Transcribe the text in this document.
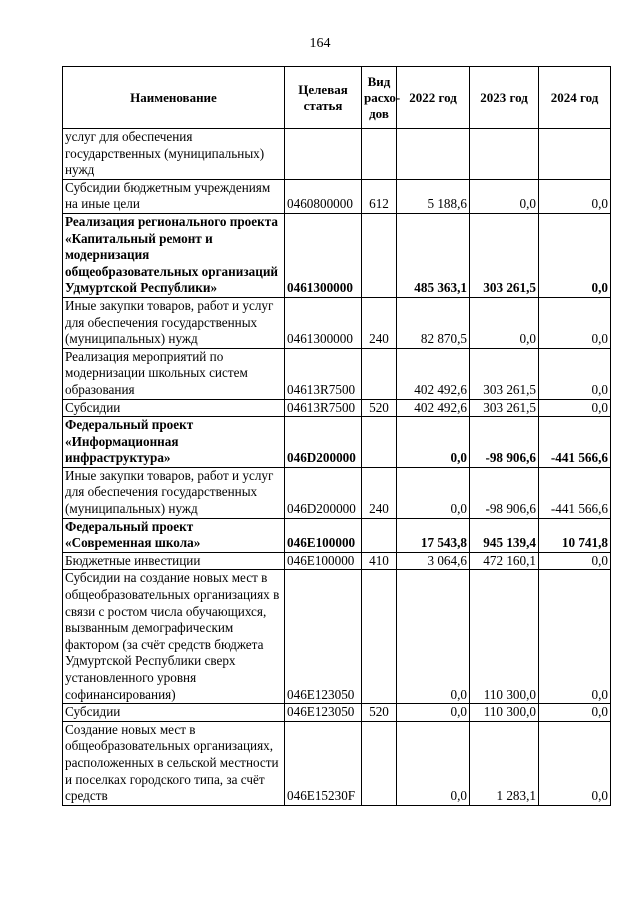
164
Наименование	Целевая статья	Вид расхо- дов	2022 год	2023 год	2024 год
услуг для обеспечения государственных (муниципальных) нужд					
Субсидии бюджетным учреждениям на иные цели	0460800000	612	5 188,6	0,0	0,0
Реализация регионального проекта «Капитальный ремонт и модернизация общеобразовательных организаций Удмуртской Республики»	0461300000		485 363,1	303 261,5	0,0
Иные закупки товаров, работ и услуг для обеспечения государственных (муниципальных) нужд	0461300000	240	82 870,5	0,0	0,0
Реализация мероприятий по модернизации школьных систем образования	04613R7500		402 492,6	303 261,5	0,0
Субсидии	04613R7500	520	402 492,6	303 261,5	0,0
Федеральный проект «Информационная инфраструктура»	046D200000		0,0	-98 906,6	-441 566,6
Иные закупки товаров, работ и услуг для обеспечения государственных (муниципальных) нужд	046D200000	240	0,0	-98 906,6	-441 566,6
Федеральный проект «Современная школа»	046E100000		17 543,8	945 139,4	10 741,8
Бюджетные инвестиции	046E100000	410	3 064,6	472 160,1	0,0
Субсидии на создание новых мест в общеобразовательных организациях в связи с ростом числа обучающихся, вызванным демографическим фактором (за счёт средств бюджета Удмуртской Республики сверх установленного уровня софинансирования)	046E123050		0,0	110 300,0	0,0
Субсидии	046E123050	520	0,0	110 300,0	0,0
Создание новых мест в общеобразовательных организациях, расположенных в сельской местности и поселках городского типа, за счёт средств	046E15230F		0,0	1 283,1	0,0
